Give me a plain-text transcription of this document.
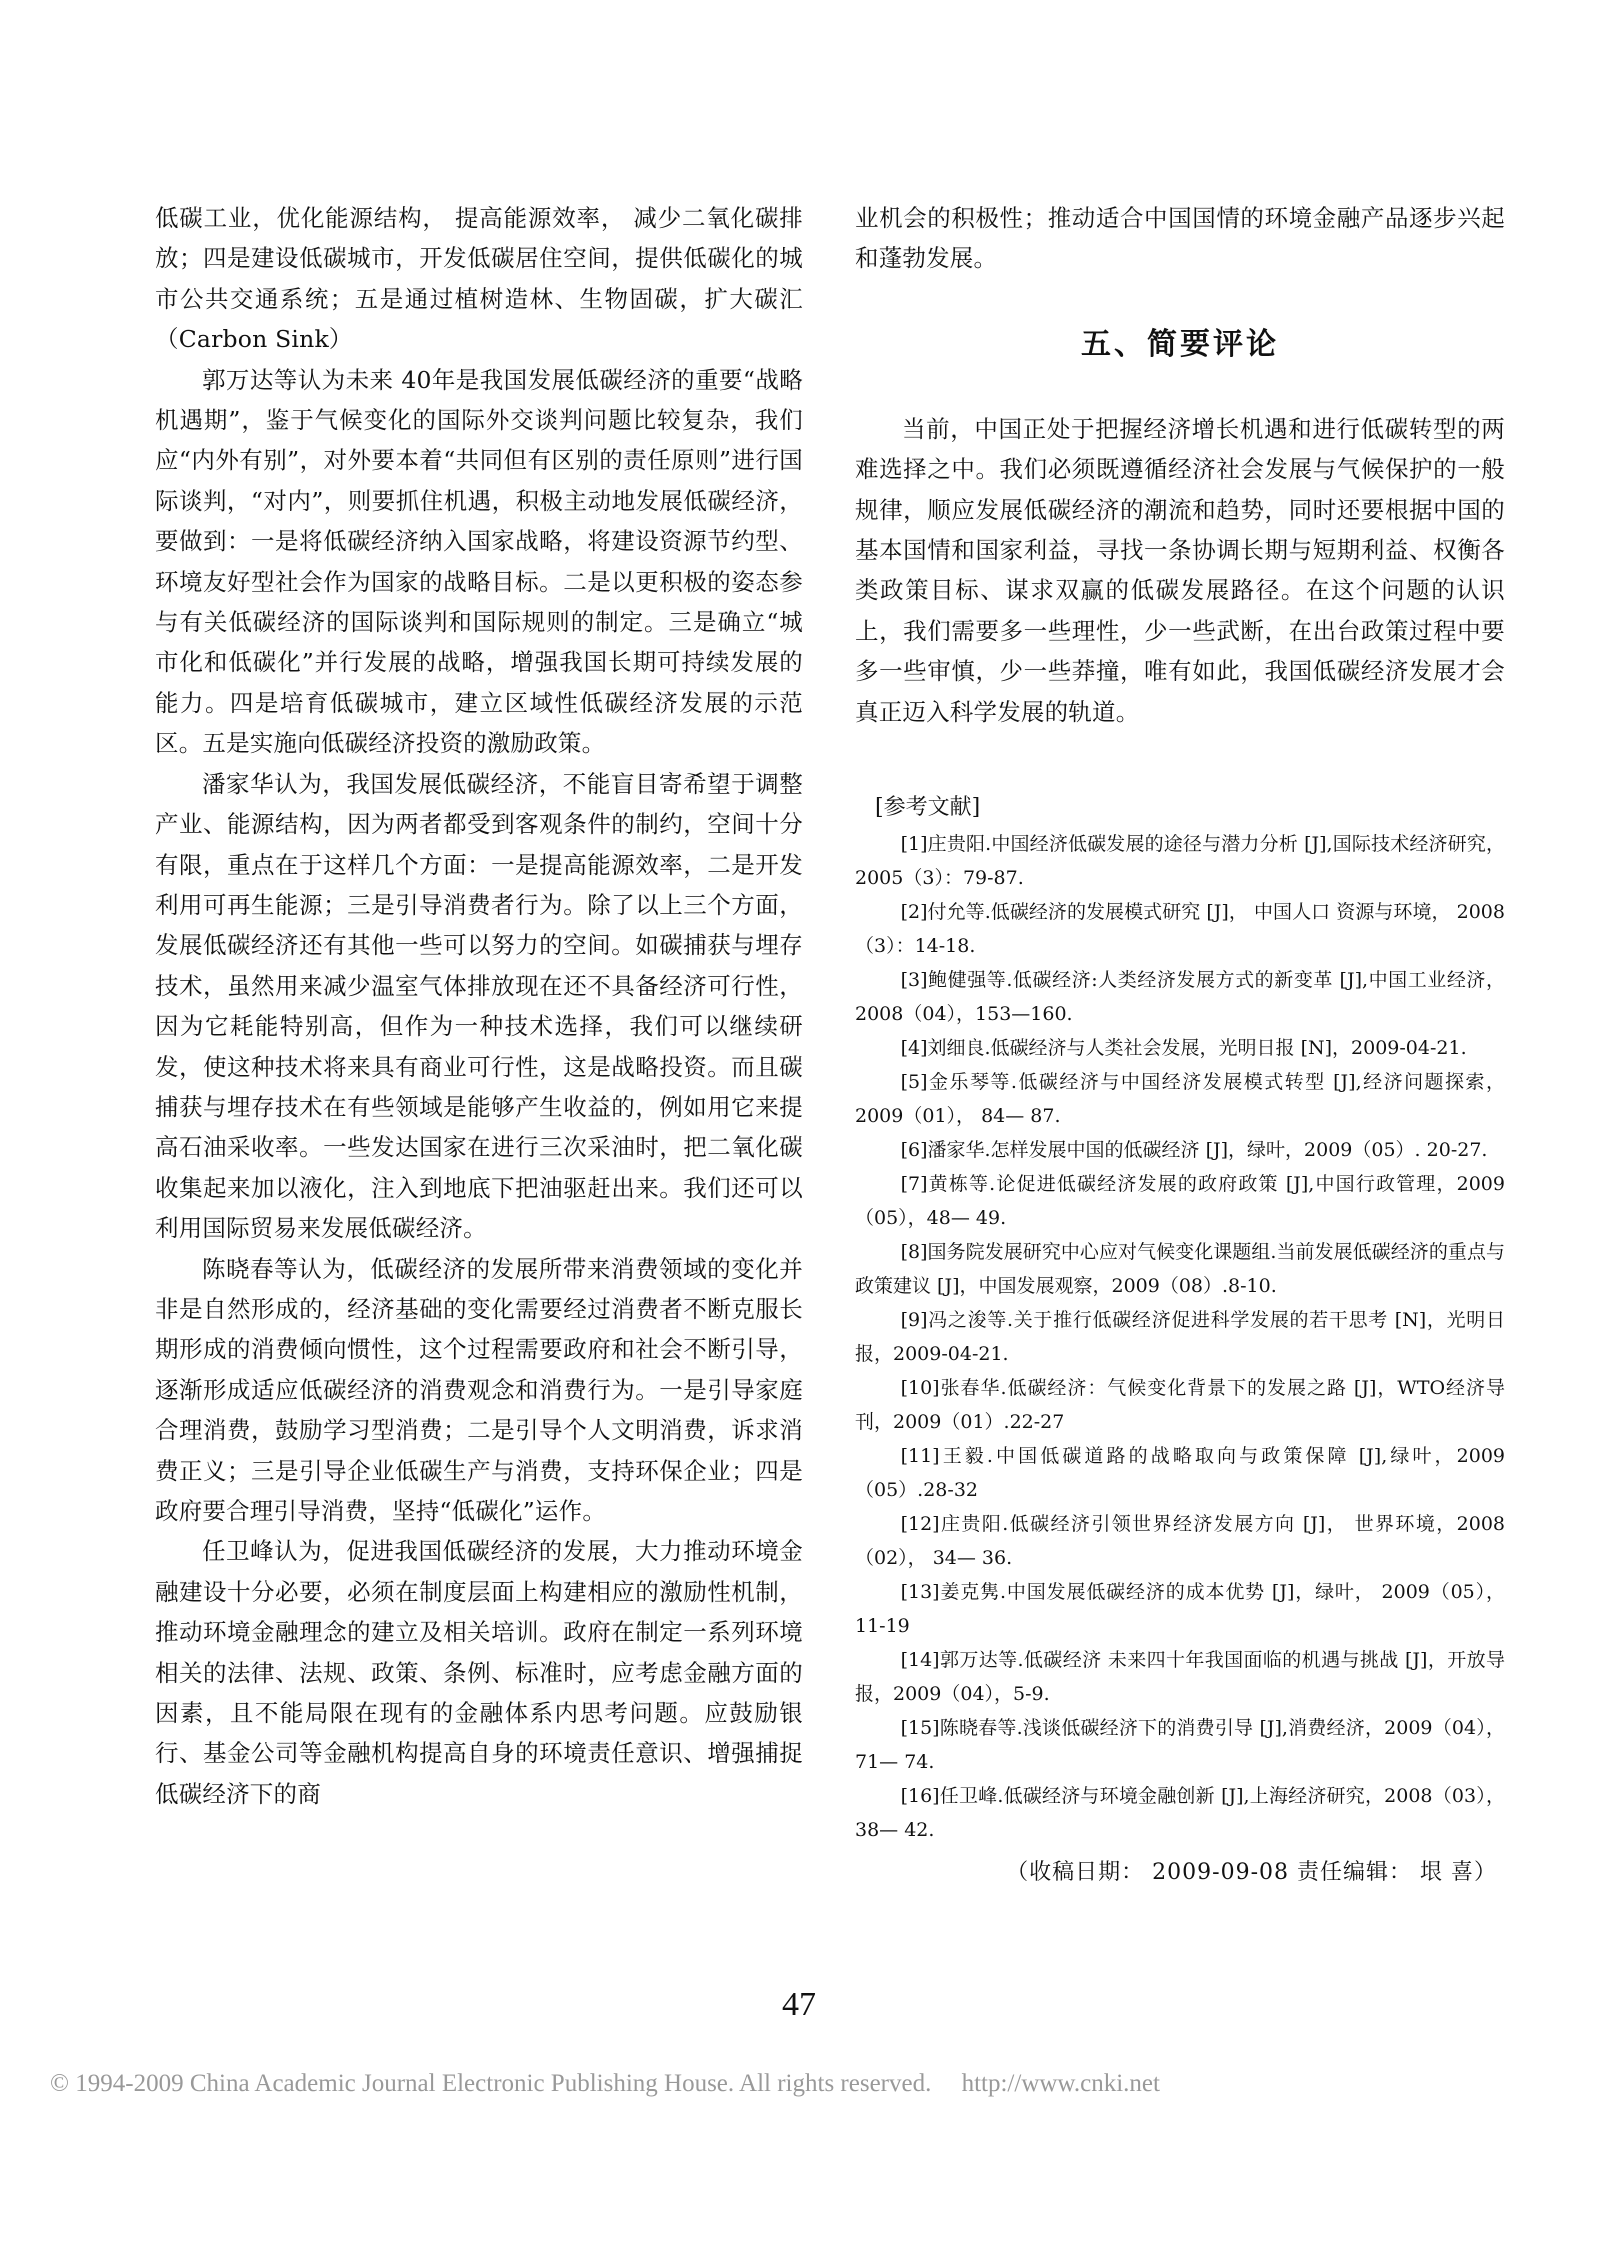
低碳工业，优化能源结构， 提高能源效率， 减少二氧化碳排放；四是建设低碳城市，开发低碳居住空间，提供低碳化的城市公共交通系统；五是通过植树造林、生物固碳，扩大碳汇（Carbon Sink）

郭万达等认为未来 40年是我国发展低碳经济的重要“战略机遇期”，鉴于气候变化的国际外交谈判问题比较复杂，我们应“内外有别”，对外要本着“共同但有区别的责任原则”进行国际谈判，“对内”，则要抓住机遇，积极主动地发展低碳经济，要做到：一是将低碳经济纳入国家战略，将建设资源节约型、环境友好型社会作为国家的战略目标。二是以更积极的姿态参与有关低碳经济的国际谈判和国际规则的制定。三是确立“城市化和低碳化”并行发展的战略，增强我国长期可持续发展的能力。四是培育低碳城市，建立区域性低碳经济发展的示范区。五是实施向低碳经济投资的激励政策。

潘家华认为，我国发展低碳经济，不能盲目寄希望于调整产业、能源结构，因为两者都受到客观条件的制约，空间十分有限，重点在于这样几个方面：一是提高能源效率，二是开发利用可再生能源；三是引导消费者行为。除了以上三个方面，发展低碳经济还有其他一些可以努力的空间。如碳捕获与埋存技术，虽然用来减少温室气体排放现在还不具备经济可行性，因为它耗能特别高，但作为一种技术选择，我们可以继续研发，使这种技术将来具有商业可行性，这是战略投资。而且碳捕获与埋存技术在有些领域是能够产生收益的，例如用它来提高石油采收率。一些发达国家在进行三次采油时，把二氧化碳收集起来加以液化，注入到地底下把油驱赶出来。我们还可以利用国际贸易来发展低碳经济。

陈晓春等认为，低碳经济的发展所带来消费领域的变化并非是自然形成的，经济基础的变化需要经过消费者不断克服长期形成的消费倾向惯性，这个过程需要政府和社会不断引导，逐渐形成适应低碳经济的消费观念和消费行为。一是引导家庭合理消费，鼓励学习型消费；二是引导个人文明消费，诉求消费正义；三是引导企业低碳生产与消费，支持环保企业；四是政府要合理引导消费，坚持“低碳化”运作。

任卫峰认为，促进我国低碳经济的发展，大力推动环境金融建设十分必要，必须在制度层面上构建相应的激励性机制，推动环境金融理念的建立及相关培训。政府在制定一系列环境相关的法律、法规、政策、条例、标准时，应考虑金融方面的因素，且不能局限在现有的金融体系内思考问题。应鼓励银行、基金公司等金融机构提高自身的环境责任意识、增强捕捉低碳经济下的商

业机会的积极性；推动适合中国国情的环境金融产品逐步兴起和蓬勃发展。

五、简要评论

当前，中国正处于把握经济增长机遇和进行低碳转型的两难选择之中。我们必须既遵循经济社会发展与气候保护的一般规律，顺应发展低碳经济的潮流和趋势，同时还要根据中国的基本国情和国家利益，寻找一条协调长期与短期利益、权衡各类政策目标、谋求双赢的低碳发展路径。在这个问题的认识上，我们需要多一些理性，少一些武断，在出台政策过程中要多一些审慎，少一些莽撞，唯有如此，我国低碳经济发展才会真正迈入科学发展的轨道。

[参考文献]

[1]庄贵阳.中国经济低碳发展的途径与潜力分析 [J],国际技术经济研究，2005（3）：79-87.

[2]付允等.低碳经济的发展模式研究 [J]， 中国人口 资源与环境， 2008 （3）：14-18.

[3]鲍健强等.低碳经济:人类经济发展方式的新变革 [J],中国工业经济，2008（04），153—160.

[4]刘细良.低碳经济与人类社会发展，光明日报 [N]，2009-04-21.

[5]金乐琴等.低碳经济与中国经济发展模式转型 [J],经济问题探索，2009（01）， 84— 87.

[6]潘家华.怎样发展中国的低碳经济 [J]，绿叶，2009（05）. 20-27.

[7]黄栋等.论促进低碳经济发展的政府政策 [J],中国行政管理，2009（05），48— 49.

[8]国务院发展研究中心应对气候变化课题组.当前发展低碳经济的重点与政策建议 [J]，中国发展观察，2009（08）.8-10.

[9]冯之浚等.关于推行低碳经济促进科学发展的若干思考 [N]，光明日报，2009-04-21.

[10]张春华.低碳经济：气候变化背景下的发展之路 [J]，WTO经济导刊，2009（01）.22-27

[11]王毅.中国低碳道路的战略取向与政策保障 [J],绿叶，2009（05）.28-32

[12]庄贵阳.低碳经济引领世界经济发展方向 [J]， 世界环境，2008（02）， 34— 36.

[13]姜克隽.中国发展低碳经济的成本优势 [J]，绿叶， 2009（05），11-19

[14]郭万达等.低碳经济 未来四十年我国面临的机遇与挑战 [J]，开放导报，2009（04），5-9.

[15]陈晓春等.浅谈低碳经济下的消费引导 [J],消费经济，2009（04），71— 74.

[16]任卫峰.低碳经济与环境金融创新 [J],上海经济研究，2008（03），38— 42.

（收稿日期： 2009-09-08 责任编辑： 垠 喜）
47
© 1994-2009 China Academic Journal Electronic Publishing House. All rights reserved. http://www.cnki.net
